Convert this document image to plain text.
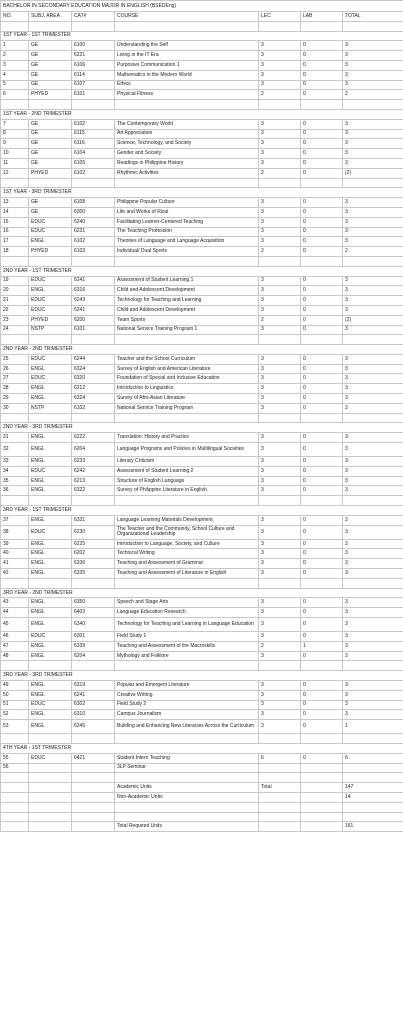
BACHELOR IN SECONDARY EDUCATION MAJOR IN ENGLISH (BSEDEng)						
NO.	SUBJ. AREA	CAT#	COURSE	LEC	LAB	TOTAL

1ST YEAR - 1ST TRIMESTER						
1	GE	6100	Understanding the Self	3	0	3
2	GE	6221	Living in the IT Era	3	0	3
3	GE	6106	Purposive Communication 1	3	0	3
4	GE	6114	Mathematics in the Modern World	3	0	3
5	GE	6107	Ethics	3	0	3
6	PHYED	6101	Physical Fitness	2	0	2

1ST YEAR - 2ND TRIMESTER						
7	GE	6102	The Contemporary World	3	0	3
8	GE	6115	Art Appreciation	3	0	3
9	GE	6116	Science, Technology, and Society	3	0	3
10	GE	6104	Gender and Society	3	0	3
11	GE	6105	Readings in Philippine History	3	0	3
12	PHYED	6102	Rhythmic Activities	2	0	(2)

1ST YEAR - 3RD TRIMESTER						
13	GE	6108	Philippine Popular Culture	3	0	3
14	GE	6300	Life and Works of Rizal	3	0	3
15	EDUC	6240	Facilitating Learner-Centered Teaching	3	0	3
16	EDUC	6231	The Teaching Profession	3	0	3
17	ENGL	6102	Theories of Language and Language Acquisition	3	0	3
18	PHYED	6103	Individual/ Dual Sports	2	0	2

2ND YEAR - 1ST TRIMESTER						
19	EDUC	6241	Assessment of Student Learning 1	3	0	3
20	ENGL	6316	Child and Adolescent Development	3	0	3
21	EDUC	6243	Technology for Teaching and Learning	3	0	3
22	EDUC	6241	Child and Adolescent Development	3	0	3
23	PHYED	6200	Team Sports	2	0	(2)
24	NSTP	6101	National Service Training Program 1	3	0	3

2ND YEAR - 2ND TRIMESTER						
25	EDUC	6244	Teacher and the School Curriculum	3	0	3
26	ENGL	6324	Survey of English and American Literature	3	0	3
27	EDUC	6320	Foundation of Special and Inclusive Education	3	0	3
28	ENGL	6212	Introduction to Linguistics	3	0	3
29	ENGL	6324	Survey of Afro-Asian Literature	3	0	3
30	NSTP	6102	National Service Training Program	3	0	3

2ND YEAR - 3RD TRIMESTER						
31	ENGL	6222	Translation: History and Practice	3	0	3
32	ENGL	6204	Language Programs and Policies in Multilingual Societies	3	0	3
33	ENGL	6233	Literary Criticism	3	0	3
34	EDUC	6242	Assessment of Student Learning 2	3	0	3
35	ENGL	6213	Structure of English Language	3	0	3
36	ENGL	6322	Survey of Philippine Literature in English	3	0	3

3RD YEAR - 1ST TRIMESTER						
37	ENGL	6331	Language Learning Materials Development	3	0	3
38	EDUC	6230	The Teacher and the Community, School Culture and Organizational Leadership	3	0	3
39	ENGL	6225	Introduction to Language, Society, and Culture	3	0	3
40	ENGL	6202	Technical Writing	3	0	3
41	ENGL	6336	Teaching and Assessment of Grammar	3	0	3
42	ENGL	6335	Teaching and Assessment of Literature in English	3	0	3

3RD YEAR - 2ND TRIMESTER						
43	ENGL	6350	Speech and Stage Arts	3	0	3
44	ENGL	6403	Language Education Research	3	0	3
45	ENGL	6340	Technology for Teaching and Learning in Language Education	3	0	3
46	EDUC	6301	Field Study 1	3	0	3
47	ENGL	6339	Teaching and Assessment of the Macroskills	2	1	3
48	ENGL	6204	Mythology and Folklore	3	0	3

3RD YEAR - 3RD TRIMESTER						
49	ENGL	6319	Popular and Emergent Literature	3	0	3
50	ENGL	6241	Creative Writing	3	0	3
51	EDUC	6302	Field Study 2	3	0	3
52	ENGL	6310	Campus Journalism	3	0	3
53	ENGL	6245	Building and Enhancing New Literacies Across the Curriculum	3	0	1

4TH YEAR - 1ST TRIMESTER						
55	EDUC	6421	Student Intern Teaching	6	0	6
56			3LP Seminar			

			Academic Units	Total		147
			Non-Academic Units			14

			Total Required Units			161
